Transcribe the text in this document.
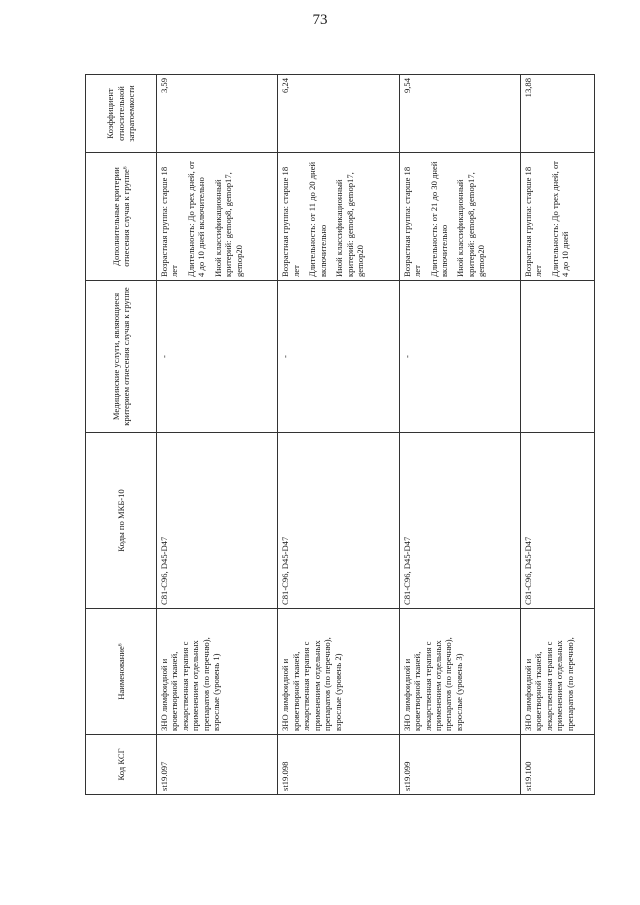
73
Код КСГ	Наименование⁶	Коды по МКБ-10	Медицинские услуги, являющиеся критерием отнесения случая к группе	Дополнительные критерии отнесения случая к группе⁶	Коэффициент относительной затратоемкости
st19.097	ЗНО лимфоидной и кроветворной тканей, лекарственная терапия с применением отдельных препаратов (по перечню), взрослые (уровень 1)	C81-C96, D45-D47	-	Возрастная группа: старше 18 лет Длительность: До трех дней, от 4 до 10 дней включительно Иной классификационный критерий: gemop8, gemop17, gemop20	3,59
st19.098	ЗНО лимфоидной и кроветворной тканей, лекарственная терапия с применением отдельных препаратов (по перечню), взрослые (уровень 2)	C81-C96, D45-D47	-	Возрастная группа: старше 18 лет Длительность: от 11 до 20 дней включительно Иной классификационный критерий: gemop8, gemop17, gemop20	6,24
st19.099	ЗНО лимфоидной и кроветворной тканей, лекарственная терапия с применением отдельных препаратов (по перечню), взрослые (уровень 3)	C81-C96, D45-D47	-	Возрастная группа: старше 18 лет Длительность: от 21 до 30 дней включительно Иной классификационный критерий: gemop8, gemop17, gemop20	9,54
st19.100	ЗНО лимфоидной и кроветворной тканей, лекарственная терапия с применением отдельных препаратов (по перечню),	C81-C96, D45-D47		Возрастная группа: старше 18 лет Длительность: До трех дней, от 4 до 10 дней	13,88
